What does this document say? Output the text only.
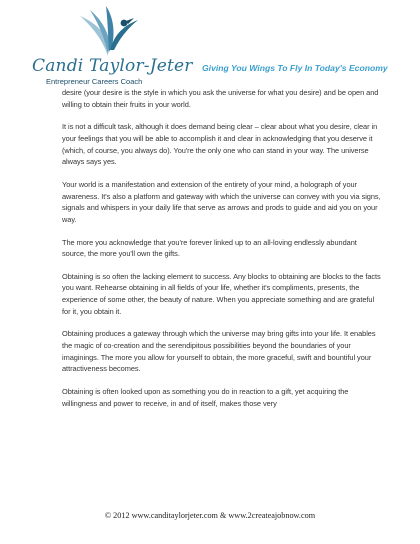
Candi Taylor-Jeter
Entrepreneur Careers Coach
Giving You Wings To Fly In Today's Economy

desire (your desire is the style in which you ask the universe for what you desire) and be open and willing to obtain their fruits in your world.

It is not a difficult task, although it does demand being clear – clear about what you desire, clear in your feelings that you will be able to accomplish it and clear in acknowledging that you deserve it (which, of course, you always do). You're the only one who can stand in your way. The universe always says yes.

Your world is a manifestation and extension of the entirety of your mind, a holograph of your awareness. It's also a platform and gateway with which the universe can convey with you via signs, signals and whispers in your daily life that serve as arrows and prods to guide and aid you on your way.

The more you acknowledge that you're forever linked up to an all-loving endlessly abundant source, the more you'll own the gifts.

Obtaining is so often the lacking element to success. Any blocks to obtaining are blocks to the facts you want. Rehearse obtaining in all fields of your life, whether it's compliments, presents, the experience of some other, the beauty of nature. When you appreciate something and are grateful for it, you obtain it.

Obtaining produces a gateway through which the universe may bring gifts into your life. It enables the magic of co-creation and the serendipitous possibilities beyond the boundaries of your imaginings. The more you allow for yourself to obtain, the more graceful, swift and bountiful your attractiveness becomes.

Obtaining is often looked upon as something you do in reaction to a gift, yet acquiring the willingness and power to receive, in and of itself, makes those very

© 2012 www.canditaylorjeter.com & www.2createajobnow.com
